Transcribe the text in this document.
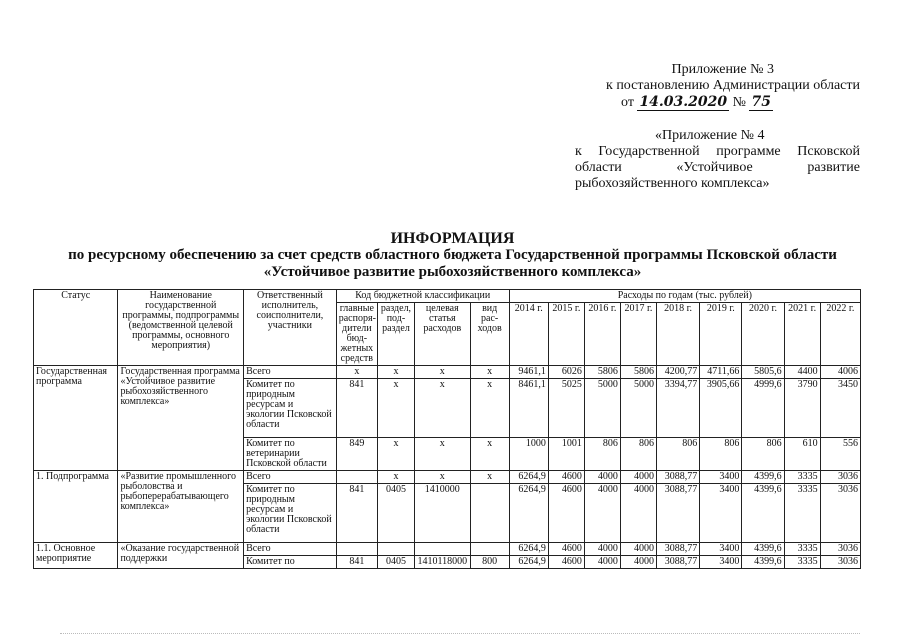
Приложение № 3
к постановлению Администрации области
от 14.03.2020 № 75
«Приложение № 4
к Государственной программе Псковской
области «Устойчивое развитие
рыбохозяйственного комплекса»
ИНФОРМАЦИЯ
по ресурсному обеспечению за счет средств областного бюджета Государственной программы Псковской области
«Устойчивое развитие рыбохозяйственного комплекса»
Статус	Наименование государственной программы, подпрограммы (ведомственной целевой программы, основного мероприятия)	Ответственный исполнитель, соисполнители, участники	Код бюджетной классификации				Расходы по годам (тыс. рублей)								
			главные распоря-дители бюд-жетных средств	раздел, под-раздел	целевая статья расходов	вид рас-ходов	2014 г.	2015 г.	2016 г.	2017 г.	2018 г.	2019 г.	2020 г.	2021 г.	2022 г.
Государственная программа	Государственная программа «Устойчивое развитие рыбохозяйственного комплекса»	Всего	x	x	x	x	9461,1	6026	5806	5806	4200,77	4711,66	5805,6	4400	4006
		Комитет по природным ресурсам и экологии Псковской области	841	x	x	x	8461,1	5025	5000	5000	3394,77	3905,66	4999,6	3790	3450
		Комитет по ветеринарии Псковской области	849	x	x	x	1000	1001	806	806	806	806	806	610	556
1. Подпрограмма	«Развитие промышленного рыболовства и рыбоперерабатывающего комплекса»	Всего		x	x	x	6264,9	4600	4000	4000	3088,77	3400	4399,6	3335	3036
		Комитет по природным ресурсам и экологии Псковской области	841	0405	1410000		6264,9	4600	4000	4000	3088,77	3400	4399,6	3335	3036
1.1. Основное мероприятие	«Оказание государственной поддержки	Всего					6264,9	4600	4000	4000	3088,77	3400	4399,6	3335	3036
		Комитет по	841	0405	1410118000	800	6264,9	4600	4000	4000	3088,77	3400	4399,6	3335	3036
